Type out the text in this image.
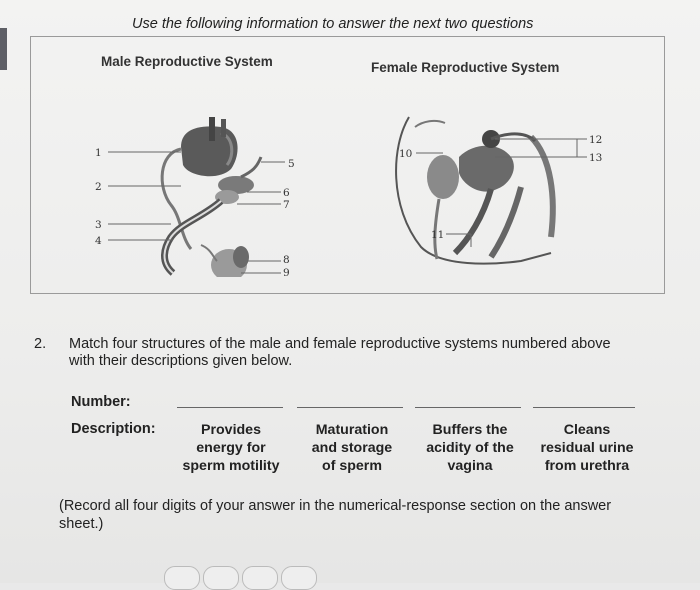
Use the following information to answer the next two questions
Male Reproductive System	Female Reproductive System
1
2
3
4
5
6
7
8
9
10
11
12
13
2. Match four structures of the male and female reproductive systems numbered above with their descriptions given below.
Number:
Description:	Provides
energy for
sperm motility
Maturation
and storage
of sperm
Buffers the
acidity of the
vagina
Cleans
residual urine
from urethra
(Record all four digits of your answer in the numerical-response section on the answer sheet.)
